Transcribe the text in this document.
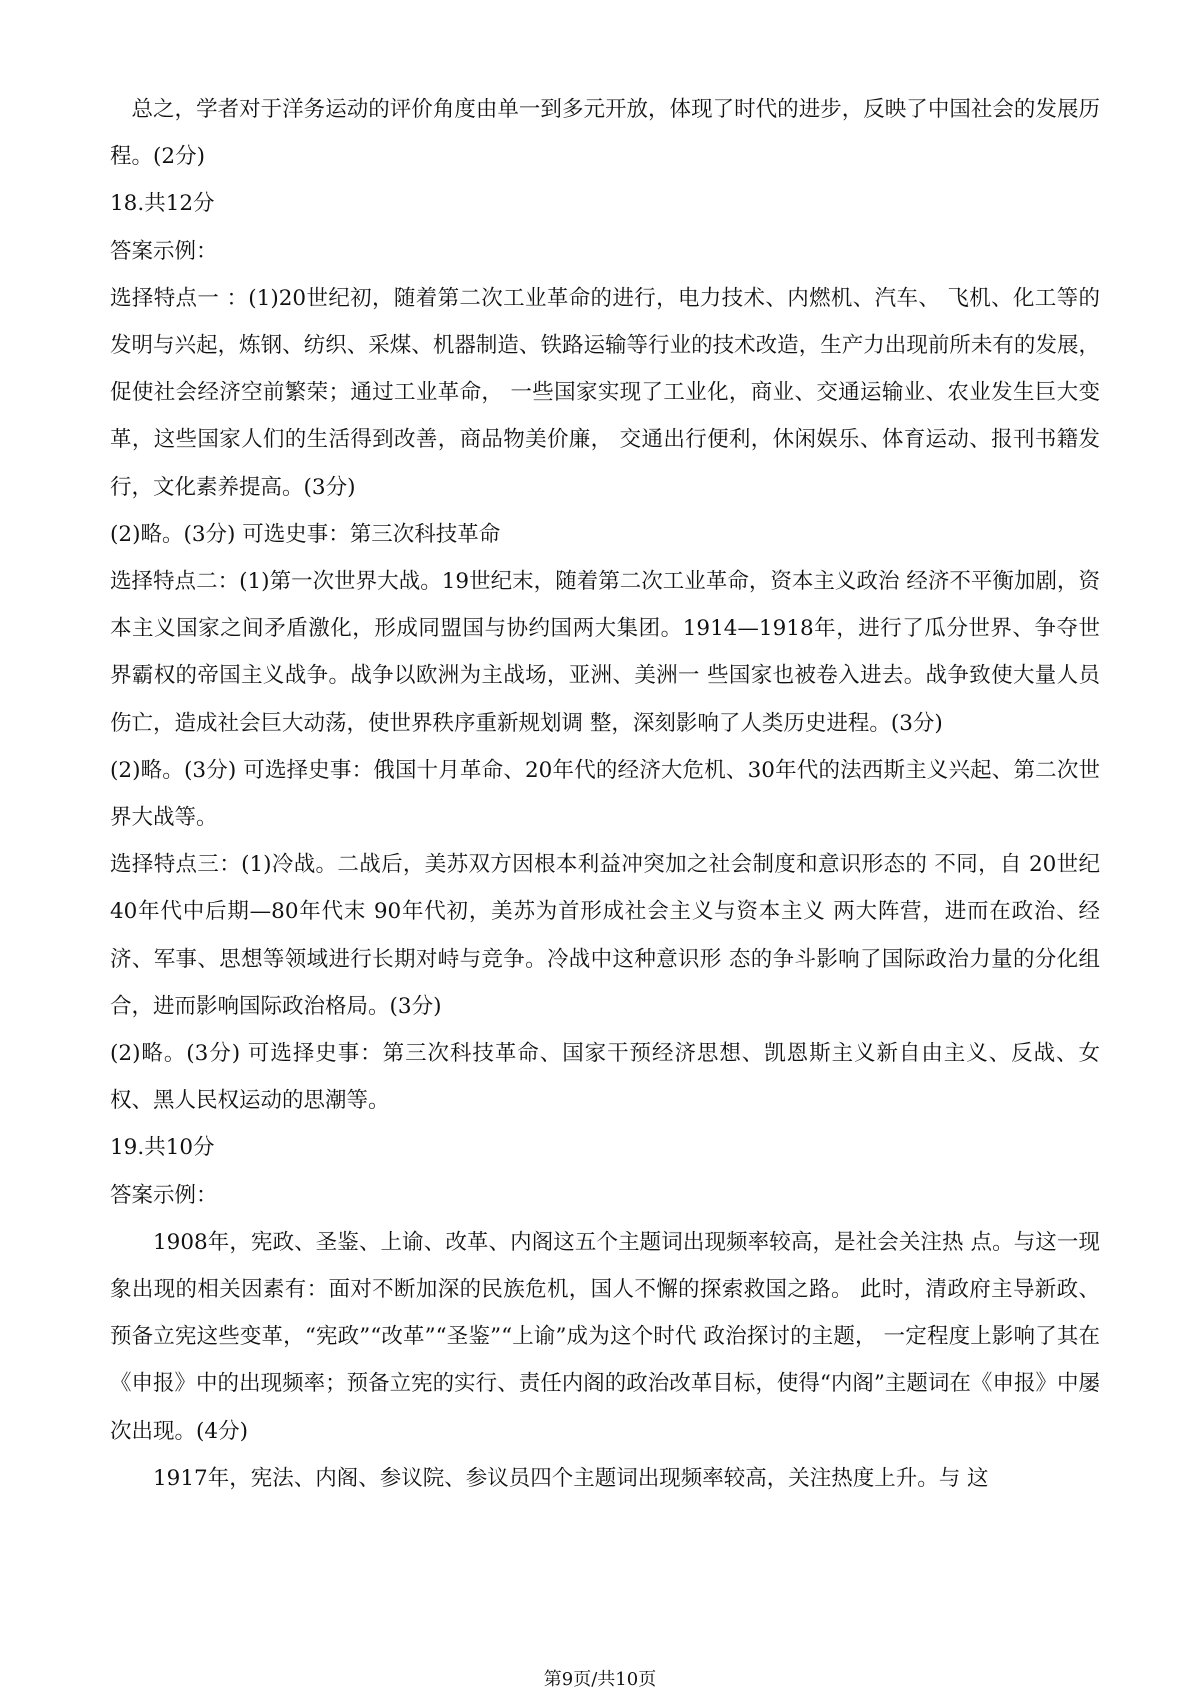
总之，学者对于洋务运动的评价角度由单一到多元开放，体现了时代的进步，反映了中国社会的发展历程。(2分)

18.共12分

答案示例：

选择特点一 ：(1)20世纪初，随着第二次工业革命的进行，电力技术、内燃机、汽车、 飞机、化工等的发明与兴起，炼钢、纺织、采煤、机器制造、铁路运输等行业的技术改造，生产力出现前所未有的发展，促使社会经济空前繁荣；通过工业革命， 一些国家实现了工业化，商业、交通运输业、农业发生巨大变革，这些国家人们的生活得到改善，商品物美价廉， 交通出行便利，休闲娱乐、体育运动、报刊书籍发行，文化素养提高。(3分)

(2)略。(3分) 可选史事：第三次科技革命

选择特点二：(1)第一次世界大战。19世纪末，随着第二次工业革命，资本主义政治 经济不平衡加剧，资本主义国家之间矛盾激化，形成同盟国与协约国两大集团。1914—1918年，进行了瓜分世界、争夺世界霸权的帝国主义战争。战争以欧洲为主战场，亚洲、美洲一 些国家也被卷入进去。战争致使大量人员伤亡，造成社会巨大动荡，使世界秩序重新规划调 整，深刻影响了人类历史进程。(3分)

(2)略。(3分) 可选择史事：俄国十月革命、20年代的经济大危机、30年代的法西斯主义兴起、第二次世界大战等。

选择特点三：(1)冷战。二战后，美苏双方因根本利益冲突加之社会制度和意识形态的 不同，自 20世纪 40年代中后期—80年代末 90年代初，美苏为首形成社会主义与资本主义 两大阵营，进而在政治、经济、军事、思想等领域进行长期对峙与竞争。冷战中这种意识形 态的争斗影响了国际政治力量的分化组合，进而影响国际政治格局。(3分)

(2)略。(3分) 可选择史事：第三次科技革命、国家干预经济思想、凯恩斯主义新自由主义、反战、女权、黑人民权运动的思潮等。

19.共10分

答案示例：

1908年，宪政、圣鉴、上谕、改革、内阁这五个主题词出现频率较高，是社会关注热 点。与这一现象出现的相关因素有：面对不断加深的民族危机，国人不懈的探索救国之路。 此时，清政府主导新政、预备立宪这些变革，“宪政”“改革”“圣鉴”“上谕”成为这个时代 政治探讨的主题， 一定程度上影响了其在《申报》中的出现频率；预备立宪的实行、责任内阁的政治改革目标，使得“内阁”主题词在《申报》中屡次出现。(4分)

1917年，宪法、内阁、参议院、参议员四个主题词出现频率较高，关注热度上升。与 这

第9页/共10页
